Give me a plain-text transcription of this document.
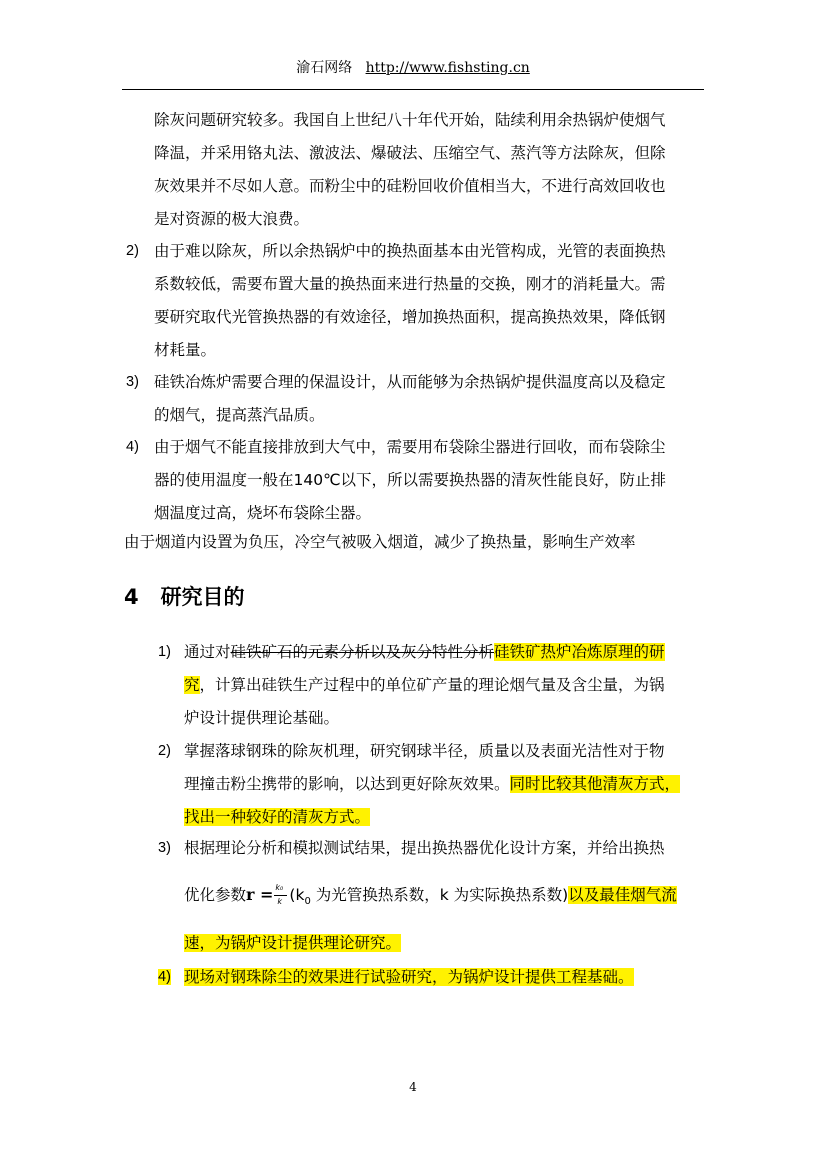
渝石网络 http://www.fishsting.cn
除灰问题研究较多。我国自上世纪八十年代开始，陆续利用余热锅炉使烟气
降温，并采用铬丸法、激波法、爆破法、压缩空气、蒸汽等方法除灰，但除
灰效果并不尽如人意。而粉尘中的硅粉回收价值相当大，不进行高效回收也
是对资源的极大浪费。
2) 由于难以除灰，所以余热锅炉中的换热面基本由光管构成，光管的表面换热
系数较低，需要布置大量的换热面来进行热量的交换，刚才的消耗量大。需
要研究取代光管换热器的有效途径，增加换热面积，提高换热效果，降低钢
材耗量。
3) 硅铁冶炼炉需要合理的保温设计，从而能够为余热锅炉提供温度高以及稳定
的烟气，提高蒸汽品质。
4) 由于烟气不能直接排放到大气中，需要用布袋除尘器进行回收，而布袋除尘
器的使用温度一般在140℃以下，所以需要换热器的清灰性能良好，防止排
烟温度过高，烧坏布袋除尘器。
由于烟道内设置为负压，冷空气被吸入烟道，减少了换热量，影响生产效率
4 研究目的
1) 通过对硅铁矿石的元素分析以及灰分特性分析硅铁矿热炉冶炼原理的研
究，计算出硅铁生产过程中的单位矿产量的理论烟气量及含尘量，为锅
炉设计提供理论基础。
2) 掌握落球钢珠的除灰机理，研究钢球半径，质量以及表面光洁性对于物
理撞击粉尘携带的影响，以达到更好除灰效果。同时比较其他清灰方式，
找出一种较好的清灰方式。
3) 根据理论分析和模拟测试结果，提出换热器优化设计方案，并给出换热
优化参数$r = \frac{\text{k₀}}{k} (k_0$ 为光管换热系数，k 为实际换热系数)以及最佳烟气流
速，为锅炉设计提供理论研究。
4) 现场对钢珠除尘的效果进行试验研究，为锅炉设计提供工程基础。
4
